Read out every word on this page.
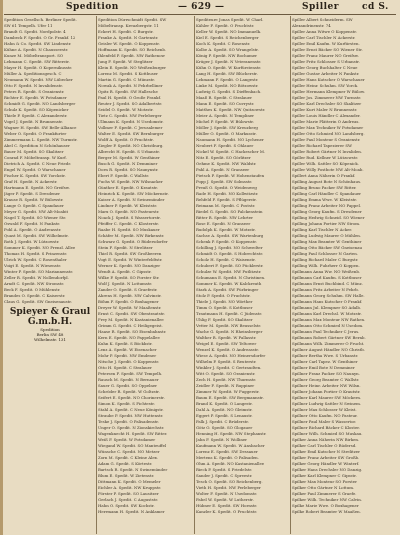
Spedition	— 629 —	Spiller	cd S.
Spedition Gesellsch. Berliner Spedit.
SW 61 Tempelh. Ufer 11
Brandt G. Spedit. Nordpolstr. 4
Dambeck F. Spedit. O Gr. Frankf. 12
Hahn & Co. Spedit. SW Lindenstr.
Kühne A. Spedit. N Chausseestr.
Kunze M. Möbeltransport. SO
Lehmann C. Spedit. SW Ritterstr.
Mayer H. Spedit. O Kopernikusstr.
Müller A. Speditionsgesch. C
Neumann W. Spedit. NW Lübecker
Otto F. Spedit. N Invalidenstr.
Peters R. Spedit. S Oranienstr.
Richter E. Spedit. W Potsdamer
Schmidt G. Spedit. NO Landsberger
Schulz K. Spedit. SO Köpenicker
Thiele P. Spedit. C Alexanderstr.
Vogel J. Spedit. N Brunnenstr.
Wagner H. Spedit. SW Belle-Alliance
Weber O. Spedit. O Frankfurter
Zimmermann L. Spedit. NW Turmstr.
Abel C. Spedition N Schönhauser
Bauer M. Spedit. SO Skalitzer
Conrad F. Möbeltransp. W Kurf.
Dietrich A. Spedit. C Neue Friedr.
Engel W. Spedit. O Warschauer
Fischer K. Spedit. SW Yorckstr.
Graf H. Spedit. N Ackerstr.
Hartmann E. Spedit. NO Greifsw.
Jäger P. Spedit. S Dresdener
Krause R. Spedit. W Bülowstr.
Lange O. Spedit. C Spandauer
Meyer G. Spedit. NW Alt-Moabit
Nagel T. Spedit. SO Wiener Str.
Oswald F. Spedit. N Pankstr.
Pohl A. Spedit. O Andreasstr.
Quast M. Spedit. SW Wilhelmstr.
Roth J. Spedit. W Lützowstr.
Sommer K. Spedit. NO Prenzl. Allee
Thomas H. Spedit. S Prinzenstr.
Ulrich W. Spedit. C Rosenthaler
Voigt E. Spedit. N Wiesenstr.
Winter P. Spedit. SO Mariannenstr.
Zeller R. Spedit. W Nollendorfpl.
Arndt C. Spedit. NW Stromstr.
Beck F. Spedit. O Mühlenstr.
Brandes O. Spedit. C Kaiserstr.
Claus G. Spedit. SW Gneisenaustr.
Spedition Dürrschmidt Spedit. SW
Möbeltransp. Kreuzbergstr. 11
Eckert H. Spedit. C Burgstr.
Franke A. Spedit. N Gartenstr.
Geisler W. Spedit. O Koppenstr.
Hoffmann K. Spedit. SO Reichenb.
Ihlenfeld P. Spedit. NW Rathenow
Jung F. Spedit. W Steglitzer
Klein E. Spedit. NO Weißenburger
Lorenz M. Spedit. S Kottbuser
Martin G. Spedit. C Münzstr.
Nowak A. Spedit. N Fehrbelliner
Opitz R. Spedit. SW Hallesche
Paul H. Spedit. O Große Frankf.
Reuter J. Spedit. SO Adalbertstr.
Seidel O. Spedit. W Motzstr.
Tietz C. Spedit. NW Perleberger
Ullmann K. Spedit. N Usedomstr.
Vollmer F. Spedit. C Jerusalemer
Walter E. Spedit. SW Bernburger
Wolff A. Spedit. O Fruchtstr.
Ziegler P. Spedit. NO Christburg.
Albrecht H. Spedit. S Urbanstr.
Berger M. Spedit. W Genthiner
Busch G. Spedit. N Demminer
Dorn R. Spedit. SO Naunynstr.
Ebert F. Spedit. C Wallstr.
Fuchs W. Spedit. NW Wilsnacker
Günther E. Spedit. O Krautstr.
Heinrich K. Spedit. SW Möckernstr.
Kaiser A. Spedit. N Swinemünder
Lindner P. Spedit. W Kleiststr.
Marx O. Spedit. NO Pasteurstr.
Noack J. Spedit. S Wassertorstr.
Pfeiffer C. Spedit. C Klosterstr.
Raabe H. Spedit. SO Muskauer
Schäfer M. Spedit. NW Birkenstr.
Schwarz G. Spedit. O Rüdersdorfer
Stein F. Spedit. N Strelitzer
Thiel R. Spedit. SW Großbeeren
Vogt E. Spedit. W Winterfeldtstr.
Werner K. Spedit. NO Danziger
Wendt A. Spedit. C Gipsstr.
Wilke P. Spedit. SO Forster Str.
Wolf J. Spedit. N Lottumstr.
Zander O. Spedit. S Graefestr.
Ahrens H. Spedit. NW Calvinstr.
Böhm F. Spedit. O Boxhagener
Dreyer W. Spedit. W Maaßenstr.
Ernst C. Spedit. SW Obentrautstr.
Frey M. Spedit. N Kastanienallee
Grimm G. Spedit. C Heiligegeist.
Haase R. Spedit. SO Eisenbahnstr.
Kern E. Spedit. NO Pappelallee
Kuhn K. Spedit. S Böckhstr.
Lenz A. Spedit. W Eisenacher
Mohr P. Spedit. NW Emdener
Nitsche J. Spedit. O Koppenstr.
Otto H. Spedit. C Stralauer
Petersen F. Spedit. SW Tempelh.
Rausch M. Spedit. N Bernauer
Sauer G. Spedit. SO Oppelner
Schröder R. Spedit. W Goltzstr.
Seifert E. Spedit. NO Chorinerstr.
Simon K. Spedit. S Fichtestr.
Stahl A. Spedit. C Neue Königstr.
Straube P. Spedit. NW Huttenstr.
Teske J. Spedit. O Palisadenstr.
Unger O. Spedit. N Zionskirchstr.
Wagenknecht H. Spedit. SW Ritter.
Weiß F. Spedit. W Potsdamer
Wiegand W. Spedit. SO Manteuffel
Wünsche C. Spedit. NO Metzer
Zorn M. Spedit. C Kleine Alex.
Adam G. Spedit. S Körtestr.
Bartsch R. Spedit. N Swinemünder
Blum E. Spedit. W Zietenstr.
Dittmann K. Spedit. O Memeler
Eichler A. Spedit. NW Kruppstr.
Förster P. Spedit. SO Lausitzer
Gerlach J. Spedit. C Auguststr.
Hahn O. Spedit. SW Kochstr.
Herrmann H. Spedit. N Anklamer
Spediteure Jonas Spedit. W Charl.
Kähler F. Spedit. O Fruchtstr.
Keller W. Spedit. NO Immanuelk.
Kiel E. Spedit. S Reichenberger
Koch K. Spedit. C Rosenstr.
Kolbe A. Spedit. SO Wrangelstr.
König P. Spedit. NW Bochumer
Krüger J. Spedit. N Veteranenstr.
Kühn O. Spedit. W Kurfürstenstr.
Lang H. Spedit. SW Blücherstr.
Lehmann F. Spedit. O Langestr.
Linke M. Spedit. NO Bötzowstr.
Ludwig G. Spedit. S Dieffenbach.
Maaß R. Spedit. C Stralauer
Mann E. Spedit. SO Cuvrystr.
Matthes K. Spedit. NW Quitzowstr.
Meier A. Spedit. N Templiner
Michel P. Spedit. W Bülowstr.
Möller J. Spedit. SW Kreuzberg
Müller O. Spedit. O Markusstr.
Naumann H. Spedit. NO Lychener
Neubert F. Spedit. S Ohlauer
Nickel W. Spedit. C Hackescher M.
Nitz E. Spedit. SO Görlitzer
Oehme K. Spedit. NW Waldstr.
Pahl A. Spedit. N Granseer
Pietsch P. Spedit. W Hohenstaufen
Popp J. Spedit. SW Solmsstr.
Preuß O. Spedit. O Weidenweg
Rade H. Spedit. NO Kollwitzstr.
Rehfeld F. Spedit. S Pflügerstr.
Reimann M. Spedit. C Poststr.
Riedel G. Spedit. SO Falckenstein
Ritter R. Spedit. NW Lehrter
Rose E. Spedit. N Granseer
Rudolph K. Spedit. W Motzstr.
Sachse A. Spedit. SW Wartenburg
Schenk P. Spedit. O Koppenstr.
Schilling J. Spedit. NO Schwedter
Schmidt O. Spedit. S Hobrechtstr.
Scholz H. Spedit. C Waisenstr.
Schubert F. Spedit. SO Pücklerstr.
Schulze W. Spedit. NW Putlitzstr.
Schumann E. Spedit. N Christinen.
Sommer K. Spedit. W Kalckreuth
Stark A. Spedit. SW Fürbringer
Stolz P. Spedit. O Fruchtstr.
Thiele J. Spedit. NO Wörther
Timm O. Spedit. S Kottbuser
Trautmann H. Spedit. C Jüdenstr.
Uhlig F. Spedit. SO Skalitzer
Vetter M. Spedit. NW Beusselstr.
Wache G. Spedit. N Rheinsberger
Walther R. Spedit. W Pallasstr.
Weigel E. Spedit. SW Teltower
Wenzel K. Spedit. O Andreasstr.
Wiese A. Spedit. NO Heinersdorfer
Wilhelm P. Spedit. S Reuterstr.
Winkler J. Spedit. C Gertraudten.
Witt O. Spedit. SO Oranienstr.
Zech H. Spedit. NW Thurmstr.
Zeidler F. Spedit. N Ruppiner
Zimmer W. Spedit. W Fuggerstr.
Baum E. Spedit. SW Bergmannstr.
Brand K. Spedit. O Langestr.
Dahl A. Spedit. NO Gleimstr.
Eggert P. Spedit. S Lenaustr.
Falk J. Spedit. C Brüderstr.
Götz O. Spedit. SO Glogauer
Henning H. Spedit. NW Stephanstr.
Jahn F. Spedit. N Wolliner
Kaufmann W. Spedit. W Ansbacher
Lorenz E. Spedit. SW Dessauer
Mertens K. Spedit. O Palisaden.
Ohm A. Spedit. NO Kastanienallee
Rieck P. Spedit. S Friedelstr.
Sander J. Spedit. C Spreestr.
Tesch O. Spedit. SO Reichenberg.
Vieth H. Spedit. NW Perleberger
Wolter F. Spedit. N Usedomstr.
Fabel W. Spedit. W Lutherstr.
Hübner E. Spedit. SW Hornstr.
Kanzler K. Spedit. O Fruchtstr.
Spiller Albert Schneiderm. SW
Alexandrinenstr. 74
Spiller Anna Witwe O Koppenstr.
Spiller Carl Tischler N Ackerstr.
Spiller Emil Kaufm. W Kurfürsten.
Spiller Ernst Bäcker SO Wiener Str.
Spiller Franz Maurer NO Greifsw.
Spiller Fritz Schlosser S Urbanstr.
Spiller Georg Buchhalter C Neue
Spiller Gustav Arbeiter N Pankstr.
Spiller Hans Kutscher O Warschauer
Spiller Heinr. Schuhm. SW Yorck.
Spiller Hermann Klempner W Bülow.
Spiller Jos. Zimmerer NW Turmstr.
Spiller Karl Drechsler SO Skalitzer
Spiller Kurt Maler N Brunnenstr.
Spiller Louis Händler C Alexander.
Spiller Marie Plätterin O Andreas.
Spiller Max Techniker W Potsdamer
Spiller Otto Schmied NO Landsberg.
Spiller Paul Monteur S Oranienstr.
Spiller Richard Tapezierer SW
Spiller Robert Gärtner N Invaliden.
Spiller Rud. Kellner W Lützowstr.
Spiller Wilh. Sattler SO Köpenick.
Spiller Willy Postbote NW Alt-Moab.
Spillert Anna Näherin O Frankf.
Spilling August Bote N Schönhaus.
Spilling Bruno Packer SW Ritter.
Spilling Carl Händler C Spandauer
Spilling Emma Wwe. W Kleiststr.
Spilling Franz Arbeiter NO Pappel.
Spilling Georg Kaufm. S Dresdener
Spilling Hedwig Schneid. SO Wiener
Spilling Johann Portier NW Strom.
Spilling Karl Tischler N Acker.
Spilling Ludwig Maurer O Mühlen.
Spilling Max Beamter W Genthiner
Spilling Otto Bäcker SW Gneisenau
Spilling Paul Schlosser N Garten.
Spilling Richard Maler C Burgstr.
Spilling Wilh. Fuhrherr O Koppen.
Spillmann Anna Ww. NO Weißenb.
Spillmann Carl Kaufm. S Kottbuser
Spillmann Ernst Buchbind. C Münz.
Spillmann Fritz Arbeiter N Fehrb.
Spillmann Georg Schuhm. SW Halle.
Spillmann Hans Kutscher O Frankf.
Spillmann Jul. Klempner SO Adalb.
Spillmann Karl Drechsl. W Motzstr.
Spillmann Max Monteur NW Rathen.
Spillmann Otto Schmied N Usedom.
Spillmann Paul Techniker C Jerus.
Spillmann Robert Gärtner SW Bernb.
Spillmann Wilh. Zimmerer O Frucht.
Spillner August Händler NO Christb.
Spillner Bertha Wwe. S Urbanstr.
Spillner Carl Tapez. W Genthiner
Spillner Emil Bote N Demminer
Spillner Franz Packer SO Naunyn.
Spillner Georg Beamter C Wallstr.
Spillner Heinr. Arbeiter NW Wilsn.
Spillner Johann Portier O Krautstr.
Spillner Karl Maurer SW Möckern.
Spillner Ludwig Sattler N Swinem.
Spillner Max Schlosser W Kleist.
Spillner Otto Kaufm. NO Pasteur.
Spillner Paul Maler S Wassertor.
Spillner Richard Bäcker C Kloster.
Spillner Wilh. Schmied SO Muskau.
Spilker Anna Näherin NW Birken.
Spilker Carl Tischler O Rüdersd.
Spilker Emil Kutscher N Strelitzer
Spilker Franz Arbeiter SW Großb.
Spilker Georg Händler W Winterf.
Spilker Hans Drechsler NO Danzig.
Spilker Karl Klempner C Gipsstr.
Spilker Max Monteur SO Forster
Spilker Otto Gärtner N Lottum.
Spilker Paul Zimmerer S Graefe.
Spilker Wilh. Techniker NW Calvin.
Spilke Marie Wwe. O Boxhagener
Spilke Robert Beamter W Maaßen.
Spieyer & Graul G.m.b.H.
Spedition
Berlin SW 48
Wilhelmstr. 131
